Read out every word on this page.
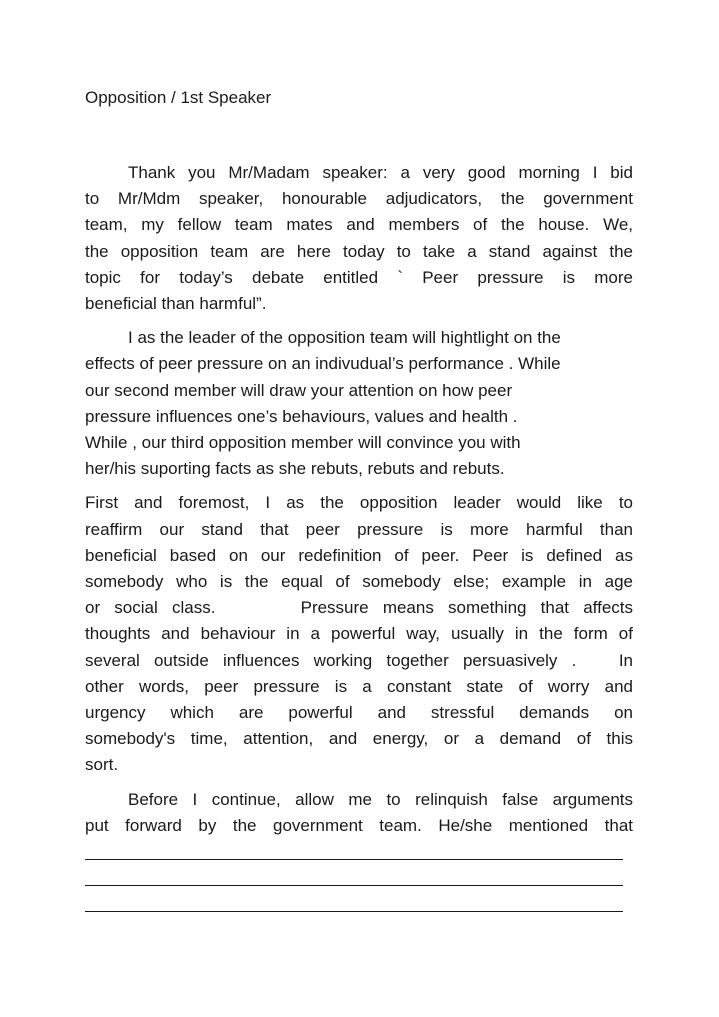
Opposition / 1st Speaker

Thank you Mr/Madam speaker: a very good morning I bid
to Mr/Mdm speaker, honourable adjudicators, the government
team, my fellow team mates and members of the house. We,
the opposition team are here today to take a stand against the
topic for today’s debate entitled ` Peer pressure is more
beneficial than harmful”.

I as the leader of the opposition team will hightlight on the
effects of peer pressure on an indivudual’s performance . While
our second member will draw your attention on how peer
pressure influences one’s behaviours, values and health .
While , our third opposition member will convince you with
her/his suporting facts as she rebuts, rebuts and rebuts.

First and foremost, I as the opposition leader would like to
reaffirm our stand that peer pressure is more harmful than
beneficial based on our redefinition of peer. Peer is defined as
somebody who is the equal of somebody else; example in age
or social class.      Pressure means something that affects
thoughts and behaviour in a powerful way, usually in the form of
several outside influences working together persuasively .   In
other words, peer pressure is a constant state of worry and
urgency which are powerful and stressful demands on
somebody's time, attention, and energy, or a demand of this
sort.

Before I continue, allow me to relinquish false arguments
put forward by the government team. He/she mentioned that
